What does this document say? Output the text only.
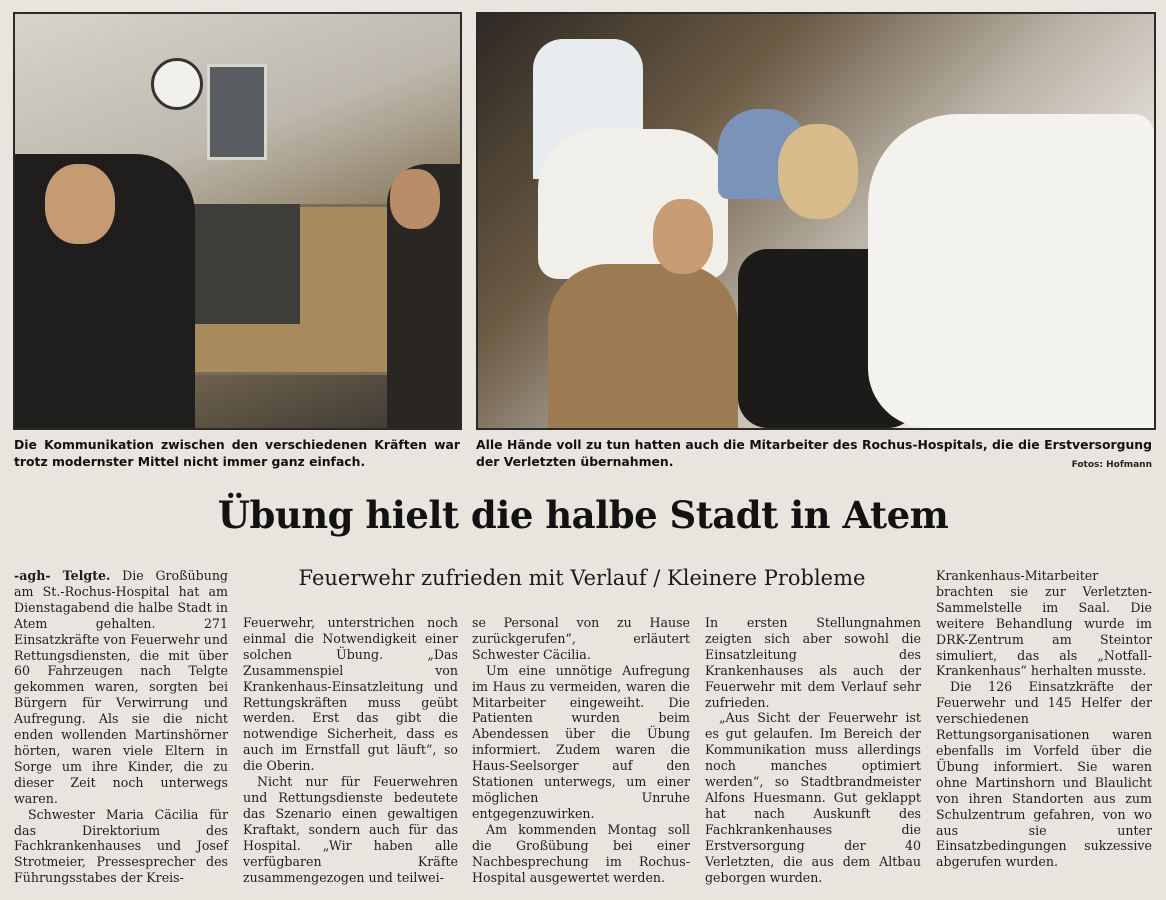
Die Kommunikation zwischen den verschiedenen Kräften war trotz modernster Mittel nicht immer ganz einfach.
Alle Hände voll zu tun hatten auch die Mitarbeiter des Rochus-Hospitals, die die Erstversorgung der Verletzten übernahmen.	Fotos: Hofmann
Übung hielt die halbe Stadt in Atem

Feuerwehr zufrieden mit Verlauf / Kleinere Probleme

-agh- Telgte. Die Großübung am St.-Rochus-Hospital hat am Dienstagabend die halbe Stadt in Atem gehalten. 271 Einsatzkräfte von Feuerwehr und Rettungsdiensten, die mit über 60 Fahrzeugen nach Telgte gekommen waren, sorgten bei Bürgern für Verwirrung und Aufregung. Als sie die nicht enden wollenden Martinshörner hörten, waren viele Eltern in Sorge um ihre Kinder, die zu dieser Zeit noch unterwegs waren.

Schwester Maria Cäcilia für das Direktorium des Fachkrankenhauses und Josef Strotmeier, Pressesprecher des Führungsstabes der Kreis-

Feuerwehr, unterstrichen noch einmal die Notwendigkeit einer solchen Übung. „Das Zusammenspiel von Krankenhaus-Einsatzleitung und Rettungskräften muss geübt werden. Erst das gibt die notwendige Sicherheit, dass es auch im Ernstfall gut läuft“, so die Oberin.

Nicht nur für Feuerwehren und Rettungsdienste bedeutete das Szenario einen gewaltigen Kraftakt, sondern auch für das Hospital. „Wir haben alle verfügbaren Kräfte zusammengezogen und teilwei-

se Personal von zu Hause zurückgerufen“, erläutert Schwester Cäcilia.

Um eine unnötige Aufregung im Haus zu vermeiden, waren die Mitarbeiter eingeweiht. Die Patienten wurden beim Abendessen über die Übung informiert. Zudem waren die Haus-Seelsorger auf den Stationen unterwegs, um einer möglichen Unruhe entgegenzuwirken.

Am kommenden Montag soll die Großübung bei einer Nachbesprechung im Rochus-Hospital ausgewertet werden.

In ersten Stellungnahmen zeigten sich aber sowohl die Einsatzleitung des Krankenhauses als auch der Feuerwehr mit dem Verlauf sehr zufrieden.

„Aus Sicht der Feuerwehr ist es gut gelaufen. Im Bereich der Kommunikation muss allerdings noch manches optimiert werden“, so Stadtbrandmeister Alfons Huesmann. Gut geklappt hat nach Auskunft des Fachkrankenhauses die Erstversorgung der 40 Verletzten, die aus dem Altbau geborgen wurden.

Krankenhaus-Mitarbeiter brachten sie zur Verletzten-Sammelstelle im Saal. Die weitere Behandlung wurde im DRK-Zentrum am Steintor simuliert, das als „Notfall-Krankenhaus“ herhalten musste.

Die 126 Einsatzkräfte der Feuerwehr und 145 Helfer der verschiedenen Rettungsorganisationen waren ebenfalls im Vorfeld über die Übung informiert. Sie waren ohne Martinshorn und Blaulicht von ihren Standorten aus zum Schulzentrum gefahren, von wo aus sie unter Einsatzbedingungen sukzessive abgerufen wurden.
